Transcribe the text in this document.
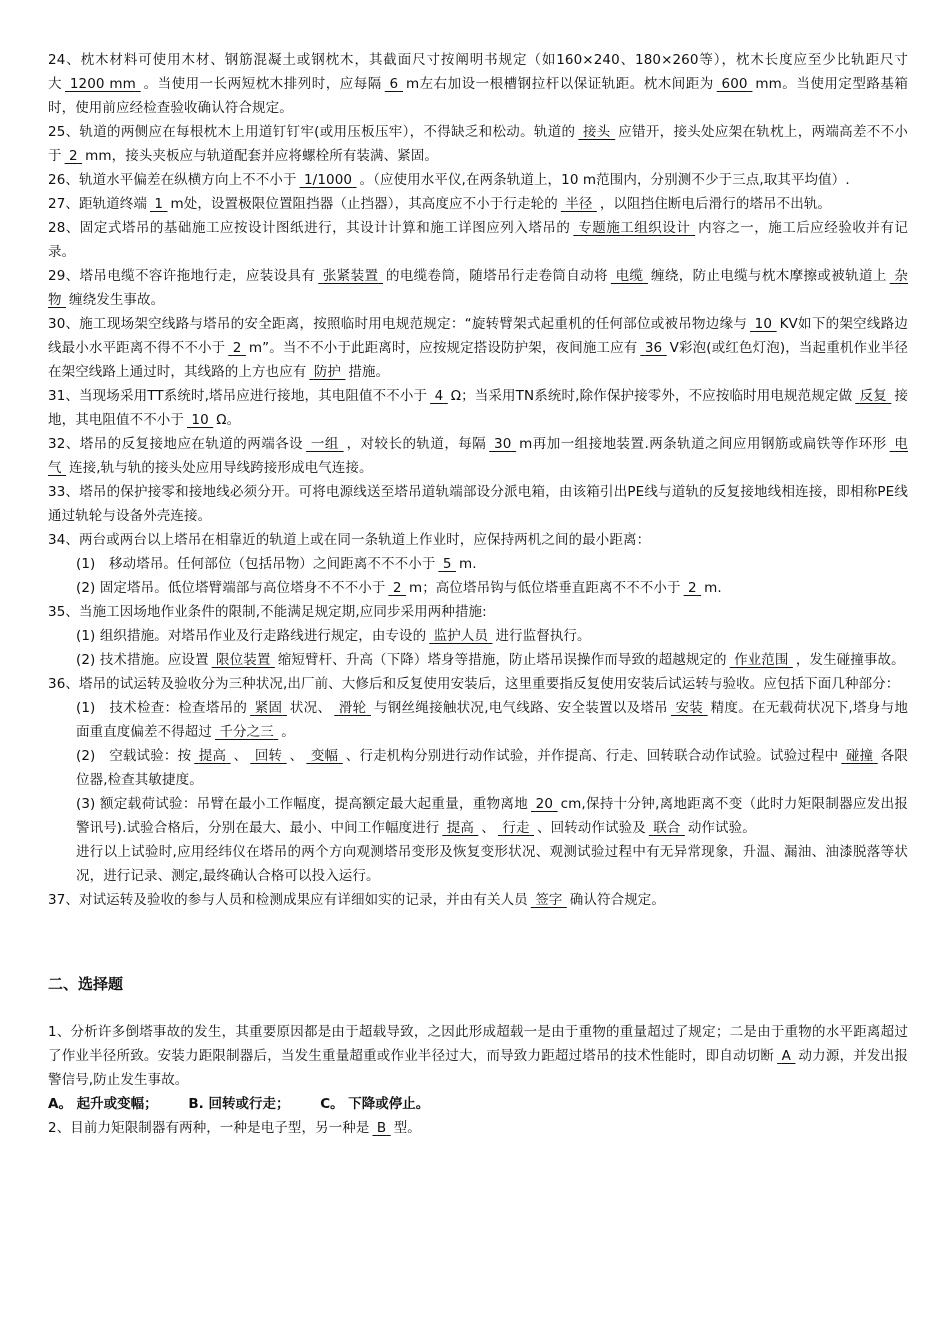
24、枕木材料可使用木材、钢筋混凝土或钢枕木，其截面尺寸按阐明书规定（如160×240、180×260等），枕木长度应至少比轨距尺寸大 1200 mm 。当使用一长两短枕木排列时，应每隔 6 m左右加设一根槽钢拉杆以保证轨距。枕木间距为 600 mm。当使用定型路基箱时，使用前应经检查验收确认符合规定。

25、轨道的两侧应在每根枕木上用道钉钉牢(或用压板压牢），不得缺乏和松动。轨道的 接头 应错开，接头处应架在轨枕上，两端高差不不小于 2 mm，接头夹板应与轨道配套并应将螺栓所有装满、紧固。

26、轨道水平偏差在纵横方向上不不小于 1/1000 。（应使用水平仪,在两条轨道上，10 m范围内，分别测不少于三点,取其平均值）.

27、距轨道终端 1 m处，设置极限位置阻挡器（止挡器），其高度应不小于行走轮的 半径 ，以阻挡住断电后滑行的塔吊不出轨。

28、固定式塔吊的基础施工应按设计图纸进行，其设计计算和施工详图应列入塔吊的 专题施工组织设计 内容之一，施工后应经验收并有记录。

29、塔吊电缆不容许拖地行走，应装设具有 张紧装置 的电缆卷筒，随塔吊行走卷筒自动将 电缆 缠绕，防止电缆与枕木摩擦或被轨道上 杂物 缠绕发生事故。

30、施工现场架空线路与塔吊的安全距离，按照临时用电规范规定：“旋转臂架式起重机的任何部位或被吊物边缘与 10 KV如下的架空线路边线最小水平距离不得不不小于 2 m”。当不不小于此距离时，应按规定搭设防护架，夜间施工应有 36 V彩泡(或红色灯泡)，当起重机作业半径在架空线路上通过时，其线路的上方也应有 防护 措施。

31、当现场采用TT系统时,塔吊应进行接地，其电阻值不不小于 4 Ω；当采用TN系统时,除作保护接零外，不应按临时用电规范规定做 反复 接地，其电阻值不不小于 10 Ω。

32、塔吊的反复接地应在轨道的两端各设 一组 ，对较长的轨道，每隔 30 m再加一组接地装置.两条轨道之间应用钢筋或扁铁等作环形 电气 连接,轨与轨的接头处应用导线跨接形成电气连接。

33、塔吊的保护接零和接地线必须分开。可将电源线送至塔吊道轨端部设分派电箱，由该箱引出PE线与道轨的反复接地线相连接，即相称PE线通过轨轮与设备外壳连接。

34、两台或两台以上塔吊在相靠近的轨道上或在同一条轨道上作业时，应保持两机之间的最小距离：

(1)　移动塔吊。任何部位（包括吊物）之间距离不不不小于 5 m.

(2) 固定塔吊。低位塔臂端部与高位塔身不不不小于 2 m；高位塔吊钩与低位塔垂直距离不不不小于 2 m.

35、当施工因场地作业条件的限制,不能满足规定期,应同步采用两种措施:

(1) 组织措施。对塔吊作业及行走路线进行规定，由专设的 监护人员 进行监督执行。

(2) 技术措施。应设置 限位装置 缩短臂杆、升高（下降）塔身等措施，防止塔吊误操作而导致的超越规定的 作业范围 ，发生碰撞事故。

36、塔吊的试运转及验收分为三种状况,出厂前、大修后和反复使用安装后，这里重要指反复使用安装后试运转与验收。应包括下面几种部分：

(1)　技术检查：检查塔吊的 紧固 状况、 滑轮 与钢丝绳接触状况,电气线路、安全装置以及塔吊 安装 精度。在无载荷状况下,塔身与地面重直度偏差不得超过 千分之三 。

(2)　空载试验：按 提高 、 回转 、 变幅 、行走机构分别进行动作试验，并作提高、行走、回转联合动作试验。试验过程中 碰撞 各限位器,检查其敏捷度。

(3) 额定载荷试验：吊臂在最小工作幅度，提高额定最大起重量，重物离地 20 cm,保持十分钟,离地距离不变（此时力矩限制器应发出报警讯号).试验合格后，分别在最大、最小、中间工作幅度进行 提高 、 行走 、回转动作试验及 联合 动作试验。

进行以上试验时,应用经纬仪在塔吊的两个方向观测塔吊变形及恢复变形状况、观测试验过程中有无异常现象，升温、漏油、油漆脱落等状况，进行记录、测定,最终确认合格可以投入运行。

37、对试运转及验收的参与人员和检测成果应有详细如实的记录，并由有关人员 签字 确认符合规定。

二、选择题

1、分析许多倒塔事故的发生，其重要原因都是由于超载导致，之因此形成超载一是由于重物的重量超过了规定；二是由于重物的水平距离超过了作业半径所致。安装力距限制器后，当发生重量超重或作业半径过大，而导致力距超过塔吊的技术性能时，即自动切断 A 动力源，并发出报警信号,防止发生事故。

A。 起升或变幅； B. 回转或行走； C。 下降或停止。

2、目前力矩限制器有两种，一种是电子型，另一种是 B 型。
